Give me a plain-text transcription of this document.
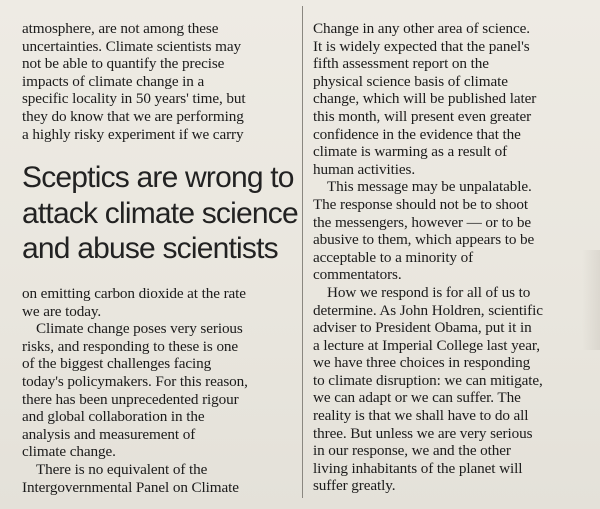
atmosphere, are not among these
uncertainties. Climate scientists may
not be able to quantify the precise
impacts of climate change in a
specific locality in 50 years' time, but
they do know that we are performing
a highly risky experiment if we carry
Sceptics are wrong to
attack climate science
and abuse scientists
on emitting carbon dioxide at the rate
we are today.
Climate change poses very serious
risks, and responding to these is one
of the biggest challenges facing
today's policymakers. For this reason,
there has been unprecedented rigour
and global collaboration in the
analysis and measurement of
climate change.
There is no equivalent of the
Intergovernmental Panel on Climate
Change in any other area of science.
It is widely expected that the panel's
fifth assessment report on the
physical science basis of climate
change, which will be published later
this month, will present even greater
confidence in the evidence that the
climate is warming as a result of
human activities.
This message may be unpalatable.
The response should not be to shoot
the messengers, however — or to be
abusive to them, which appears to be
acceptable to a minority of
commentators.
How we respond is for all of us to
determine. As John Holdren, scientific
adviser to President Obama, put it in
a lecture at Imperial College last year,
we have three choices in responding
to climate disruption: we can mitigate,
we can adapt or we can suffer. The
reality is that we shall have to do all
three. But unless we are very serious
in our response, we and the other
living inhabitants of the planet will
suffer greatly.
